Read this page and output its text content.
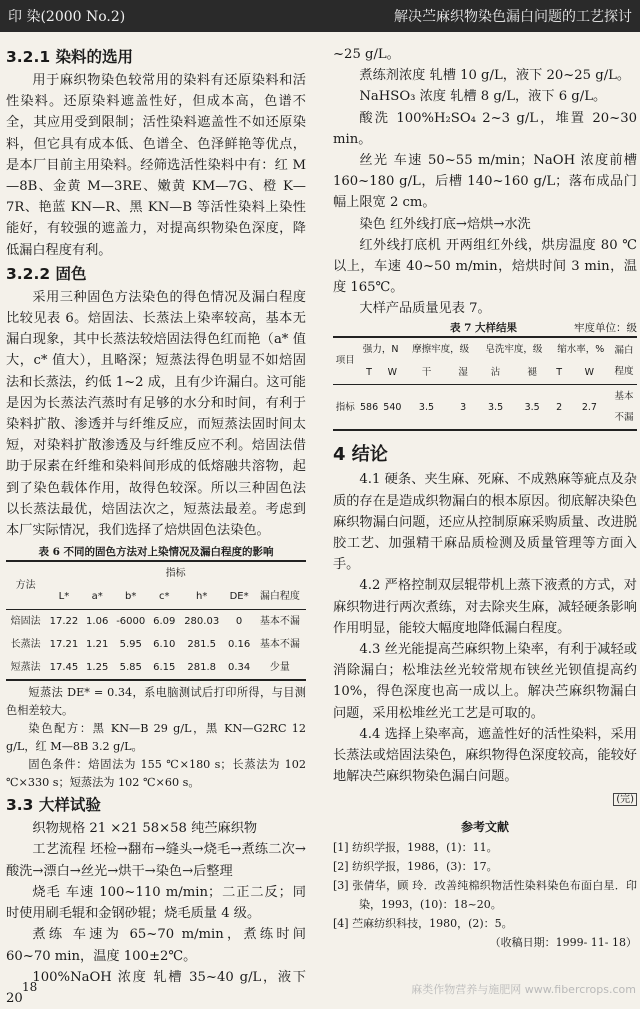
印 染(2000 No.2)	解决苎麻织物染色漏白问题的工艺探讨
3.2.1 染料的选用

用于麻织物染色较常用的染料有还原染料和活性染料。还原染料遮盖性好，但成本高，色谱不全，其应用受到限制；活性染料遮盖性不如还原染料，但它具有成本低、色谱全、色泽鲜艳等优点，是本厂目前主用染料。经筛选活性染料中有：红 M—8B、金黄 M—3RE、嫩黄 KM—7G、橙 K—7R、艳蓝 KN—R、黑 KN—B 等活性染料上染性能好，有较强的遮盖力，对提高织物染色深度，降低漏白程度有利。

3.2.2 固色

采用三种固色方法染色的得色情况及漏白程度比较见表 6。焙固法、长蒸法上染率较高，基本无漏白现象，其中长蒸法较焙固法得色红而艳（a* 值大，c* 值大），且略深；短蒸法得色明显不如焙固法和长蒸法，约低 1~2 成，且有少许漏白。这可能是因为长蒸法汽蒸时有足够的水分和时间，有利于染料扩散、渗透并与纤维反应，而短蒸法固时间太短，对染料扩散渗透及与纤维反应不利。焙固法借助于尿素在纤维和染料间形成的低熔融共溶物，起到了染色载体作用，故得色较深。所以三种固色法以长蒸法最优，焙固法次之，短蒸法最差。考虑到本厂实际情况，我们选择了焙烘固色法染色。

表 6 不同的固色方法对上染情况及漏白程度的影响
方法	指标						
	L*	a*	b*	c*	h*	DE*	漏白程度
焙固法	17.22	1.06	-6000	6.09	280.03	0	基本不漏
长蒸法	17.21	1.21	5.95	6.10	281.5	0.16	基本不漏
短蒸法	17.45	1.25	5.85	6.15	281.8	0.34	少量

短蒸法 DE* = 0.34，系电脑测试后打印所得，与目测色相差较大。

染色配方：黑 KN—B 29 g/L，黑 KN—G2RC 12 g/L，红 M—8B 3.2 g/L。

固色条件：焙固法为 155 ℃×180 s；长蒸法为 102 ℃×330 s；短蒸法为 102 ℃×60 s。

3.3 大样试验

织物规格 21 ×21 58×58 纯苎麻织物

工艺流程 坯检→翻布→缝头→烧毛→煮练二次→酸洗→漂白→丝光→烘干→染色→后整理

烧毛 车速 100~110 m/min；二正二反；同时使用刷毛辊和金钢砂辊；烧毛质量 4 级。

煮练 车速为 65~70 m/min，煮练时间 60~70 min，温度 100±2℃。

100%NaOH 浓度 轧槽 35~40 g/L，液下 20

~25 g/L。

煮练剂浓度 轧槽 10 g/L，液下 20~25 g/L。

NaHSO₃ 浓度 轧槽 8 g/L，液下 6 g/L。

酸洗 100%H₂SO₄ 2~3 g/L，堆置 20~30 min。

丝光 车速 50~55 m/min；NaOH 浓度前槽 160~180 g/L，后槽 140~160 g/L；落布成品门幅上限宽 2 cm。

染色 红外线打底→焙烘→水洗

红外线打底机 开两组红外线，烘房温度 80 ℃以上，车速 40~50 m/min，焙烘时间 3 min，温度 165℃。

大样产品质量见表 7。

表 7 大样结果	牢度单位：级
项目	强力，N		摩擦牢度，级		皂洗牢度，级		缩水率，%		漏白程度
	T	W	干	湿	沾	褪	T	W	
指标	586	540	3.5	3	3.5	3.5	2	2.7	基本不漏
4 结论

4.1 硬条、夹生麻、死麻、不成熟麻等疵点及杂质的存在是造成织物漏白的根本原因。彻底解决染色麻织物漏白问题，还应从控制原麻采购质量、改进脱胶工艺、加强精干麻品质检测及质量管理等方面入手。

4.2 严格控制双层辊带机上蒸下液煮的方式，对麻织物进行两次煮练，对去除夹生麻，减轻硬条影响作用明显，能较大幅度地降低漏白程度。

4.3 丝光能提高苎麻织物上染率，有利于减轻或消除漏白；松堆法丝光较常规布铗丝光钡值提高约 10%，得色深度也高一成以上。解决苎麻织物漏白问题，采用松堆丝光工艺是可取的。

4.4 选择上染率高，遮盖性好的活性染料，采用长蒸法或焙固法染色，麻织物得色深度较高，能较好地解决苎麻织物染色漏白问题。

(完)
参考文献

[1] 纺织学报，1988，(1)：11。

[2] 纺织学报，1986，(3)：17。

[3] 张倩华，顾 玲．改善纯棉织物活性染料染色布面白星．印染，1993，(10)：18~20。

[4] 苎麻纺织科技，1980，(2)：5。

（收稿日期：1999- 11- 18）

18	麻类作物营养与施肥网 www.fibercrops.com
